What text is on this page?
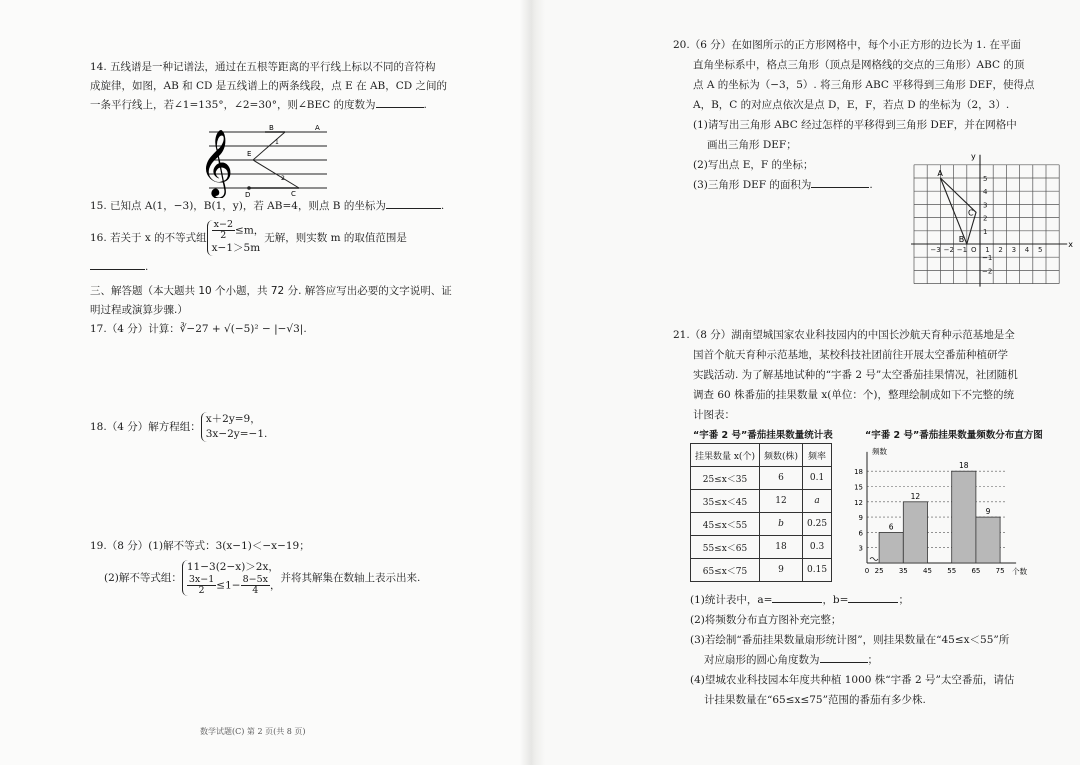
14. 五线谱是一种记谱法，通过在五根等距离的平行线上标以不同的音符构

成旋律，如图，AB 和 CD 是五线谱上的两条线段，点 E 在 AB，CD 之间的

一条平行线上，若∠1=135°，∠2=30°，则∠BEC 的度数为	.

𝄞	B	A
E
1
2
C
D

15. 已知点 A(1，−3)，B(1，y)，若 AB=4，则点 B 的坐标为	.

16. 若关于 x 的不等式组 $\frac{x-2}{2} \le m$，
x−1＞5m
无解，则实数 m 的取值范围是

.

三、解答题（本大题共 10 个小题，共 72 分. 解答应写出必要的文字说明、证

明过程或演算步骤.）

17.（4 分）计算：∛−27 + √(−5)² − |−√3|.

18.（4 分）解方程组：
x＋2y=9，
3x−2y=−1.

19.（8 分）(1)解不等式：3(x−1)＜−x−19；

(2)解不等式组：
11−3(2−x)＞2x，
$\frac{3x-1}{2} \le 1- \frac{8-5x}{4}$ ，
并将其解集在数轴上表示出来.

数学试题(C) 第 2 页(共 8 页)

20.（6 分）在如图所示的正方形网格中，每个小正方形的边长为 1. 在平面

直角坐标系中，格点三角形（顶点是网格线的交点的三角形）ABC 的顶

点 A 的坐标为（−3，5）. 将三角形 ABC 平移得到三角形 DEF，使得点

A，B，C 的对应点依次是点 D，E，F，若点 D 的坐标为（2，3）.

(1)请写出三角形 ABC 经过怎样的平移得到三角形 DEF，并在网格中

画出三角形 DEF；

(2)写出点 E，F 的坐标；

(3)三角形 DEF 的面积为	.

−3 −2 −1 O 1 2 3 4 5
5
4
3
2
1
−1
−2
A
B
C
x
y

21.（8 分）湖南望城国家农业科技园内的中国长沙航天育种示范基地是全

国首个航天育种示范基地，某校科技社团前往开展太空番茄种植研学

实践活动. 为了解基地试种的“宇番 2 号”太空番茄挂果情况，社团随机

调查 60 株番茄的挂果数量 x(单位：个)，整理绘制成如下不完整的统

计图表：

“宇番 2 号”番茄挂果数量统计表	“宇番 2 号”番茄挂果数量频数分布直方图
挂果数量 x(个)	频数(株)	频率
25≤x＜35	6	0.1
35≤x＜45	12	a
45≤x＜55	b	0.25
55≤x＜65	18	0.3
65≤x＜75	9	0.15
3
6
9
12
15
18
6
12
18
9
0 25 35 45 55 65 75
频数
个数

(1)统计表中，a=	，b=	；

(2)将频数分布直方图补充完整；

(3)若绘制“番茄挂果数量扇形统计图”，则挂果数量在“45≤x＜55”所

对应扇形的圆心角度数为	；

(4)望城农业科技园本年度共种植 1000 株“宇番 2 号”太空番茄，请估

计挂果数量在“65≤x≤75”范围的番茄有多少株.
